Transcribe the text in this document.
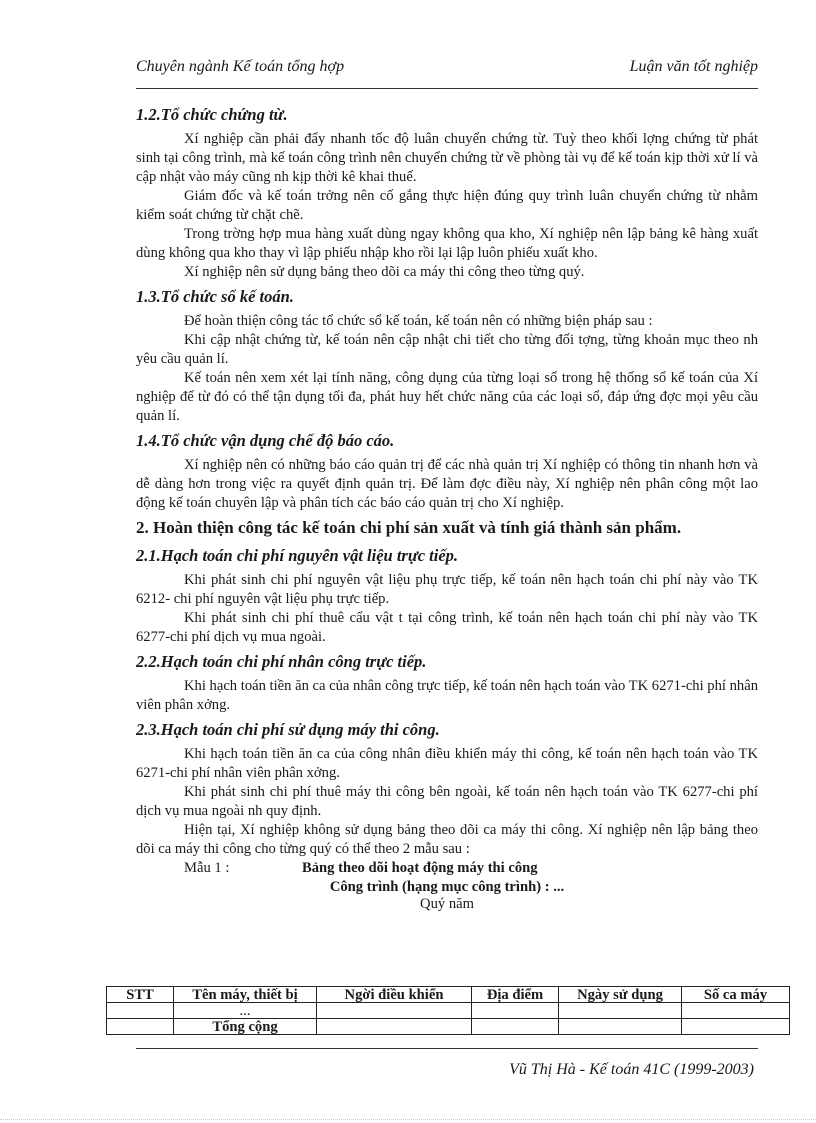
Chuyên ngành Kế toán tổng hợp	Luận văn tốt nghiệp
1.2.Tổ chức chứng từ.

Xí nghiệp cần phải đẩy nhanh tốc độ luân chuyển chứng từ. Tuỳ theo khối lợng chứng từ phát sinh tại công trình, mà kế toán công trình nên chuyển chứng từ về phòng tài vụ để kế toán kịp thời xử lí và cập nhật vào máy cũng nh kịp thời kê khai thuế.

Giám đốc và kế toán trởng nên cố gắng thực hiện đúng quy trình luân chuyển chứng từ nhằm kiểm soát chứng từ chặt chẽ.

Trong trờng hợp mua hàng xuất dùng ngay không qua kho, Xí nghiệp nên lập bảng kê hàng xuất dùng không qua kho thay vì lập phiếu nhập kho rồi lại lập luôn phiếu xuất kho.

Xí nghiệp nên sử dụng bảng theo dõi ca máy thi công theo từng quý.

1.3.Tổ chức sổ kế toán.

Để hoàn thiện công tác tổ chức sổ kế toán, kế toán nên có những biện pháp sau :

Khi cập nhật chứng từ, kế toán nên cập nhật chi tiết cho từng đối tợng, từng khoản mục theo nh yêu cầu quản lí.

Kế toán nên xem xét lại tính năng, công dụng của từng loại sổ trong hệ thống sổ kế toán của Xí nghiệp để từ đó có thể tận dụng tối đa, phát huy hết chức năng của các loại sổ, đáp ứng đợc mọi yêu cầu quản lí.

1.4.Tổ chức vận dụng chế độ báo cáo.

Xí nghiệp nên có những báo cáo quản trị để các nhà quản trị Xí nghiệp có thông tin nhanh hơn và dễ dàng hơn trong việc ra quyết định quản trị. Để làm đợc điều này, Xí nghiệp nên phân công một lao động kế toán chuyên lập và phân tích các báo cáo quản trị cho Xí nghiệp.

2. Hoàn thiện công tác kế toán chi phí sản xuất và tính giá thành sản phẩm.
2.1.Hạch toán chi phí nguyên vật liệu trực tiếp.

Khi phát sinh chi phí nguyên vật liệu phụ trực tiếp, kế toán nên hạch toán chi phí này vào TK 6212- chi phí nguyên vật liệu phụ trực tiếp.

Khi phát sinh chi phí thuê cẩu vật t tại công trình, kế toán nên hạch toán chi phí này vào TK 6277-chi phí dịch vụ mua ngoài.

2.2.Hạch toán chi phí nhân công trực tiếp.

Khi hạch toán tiền ăn ca của nhân công trực tiếp, kế toán nên hạch toán vào TK 6271-chi phí nhân viên phân xởng.

2.3.Hạch toán chi phí sử dụng máy thi công.

Khi hạch toán tiền ăn ca của công nhân điều khiển máy thi công, kế toán nên hạch toán vào TK 6271-chi phí nhân viên phân xởng.

Khi phát sinh chi phí thuê máy thi công bên ngoài, kế toán nên hạch toán vào TK 6277-chi phí dịch vụ mua ngoài nh quy định.

Hiện tại, Xí nghiệp không sử dụng bảng theo dõi ca máy thi công. Xí nghiệp nên lập bảng theo dõi ca máy thi công cho từng quý có thể theo 2 mẫu sau :

Mẫu 1 :	Bảng theo dõi hoạt động máy thi công
Công trình (hạng mục công trình) : ...
Quý năm
STT	Tên máy, thiết bị	Ngời điều khiển	Địa điểm	Ngày sử dụng	Số ca máy
	...				
	Tổng cộng				
Vũ Thị Hà - Kế toán 41C (1999-2003)
